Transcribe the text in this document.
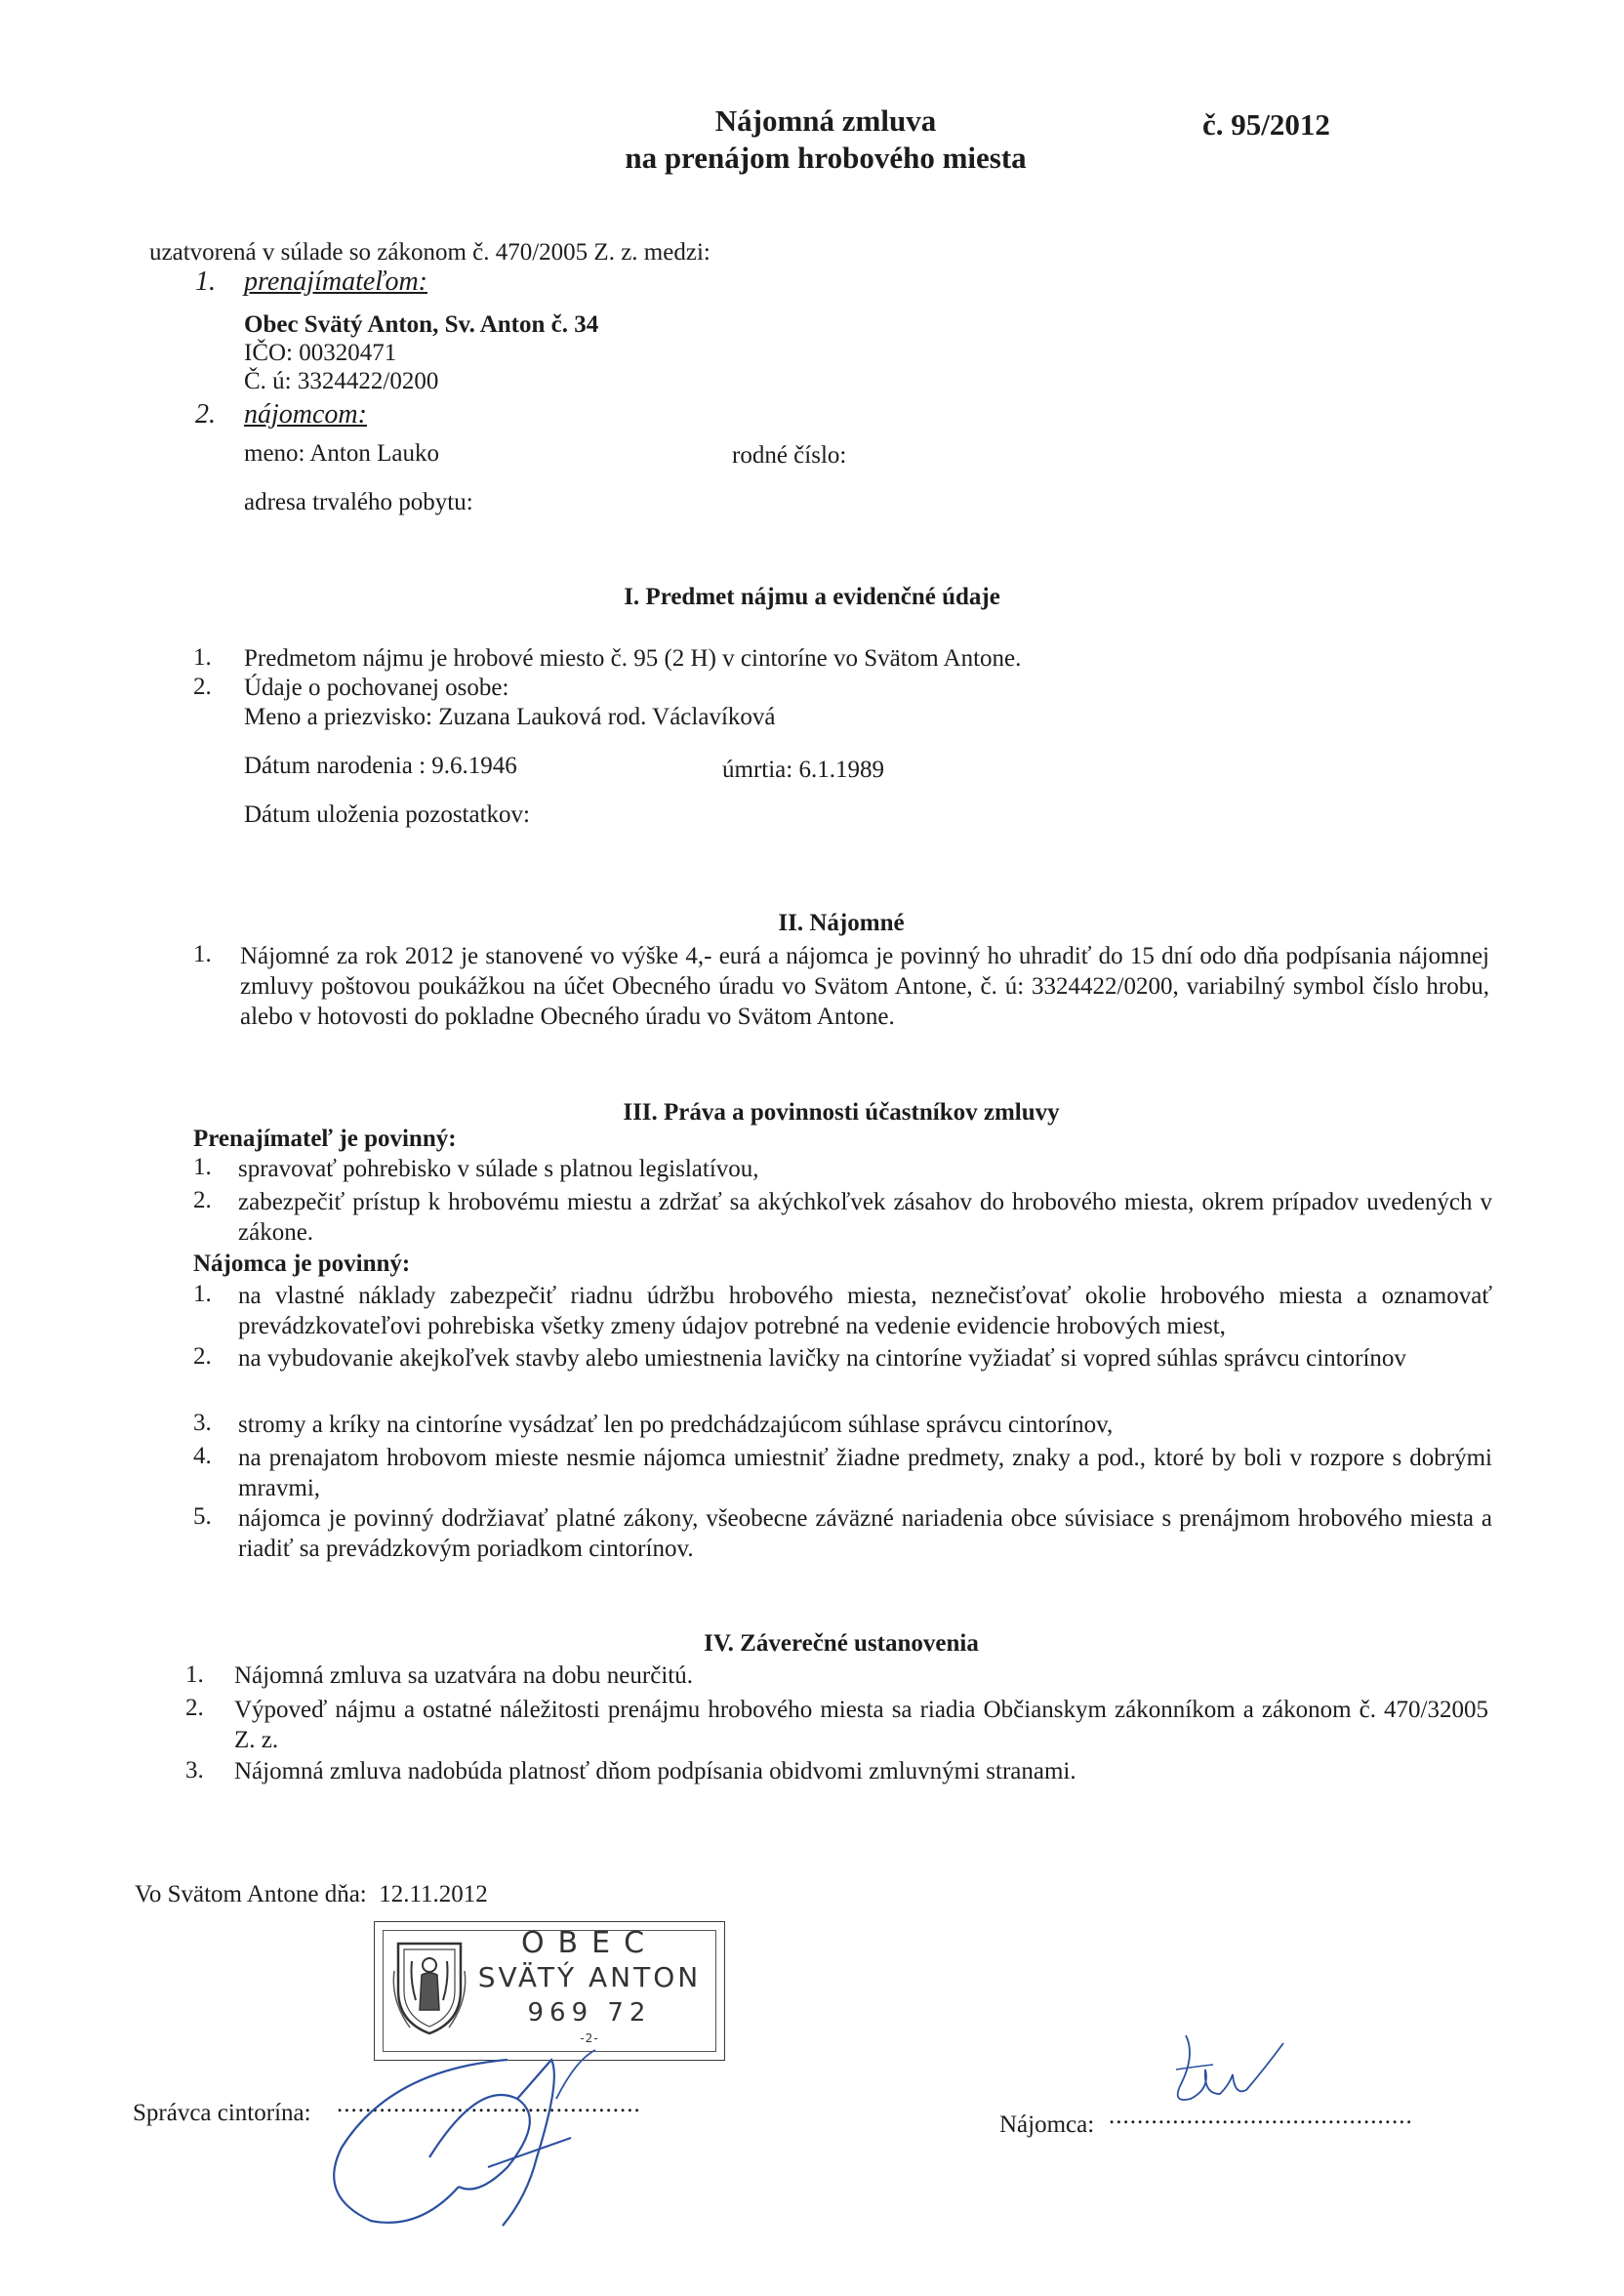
Nájomná zmluva
na prenájom hrobového miesta
č. 95/2012
uzatvorená v súlade so zákonom č. 470/2005 Z. z. medzi:
1. prenajímateľom:
Obec Svätý Anton, Sv. Anton č. 34
IČO: 00320471
Č. ú: 3324422/0200
2. nájomcom:
meno: Anton Lauko	rodné číslo:
adresa trvalého pobytu:
I. Predmet nájmu a evidenčné údaje
1. Predmetom nájmu je hrobové miesto č. 95 (2 H) v cintoríne vo Svätom Antone.
2. Údaje o pochovanej osobe:
Meno a priezvisko: Zuzana Lauková rod. Václavíková
Dátum narodenia : 9.6.1946	úmrtia: 6.1.1989
Dátum uloženia pozostatkov:
II. Nájomné
1. Nájomné za rok 2012 je stanovené vo výške 4,- eurá a nájomca je povinný ho uhradiť do 15 dní odo dňa podpísania nájomnej zmluvy poštovou poukážkou na účet Obecného úradu vo Svätom Antone, č. ú: 3324422/0200, variabilný symbol číslo hrobu, alebo v hotovosti do pokladne Obecného úradu vo Svätom Antone.
III. Práva a povinnosti účastníkov zmluvy
Prenajímateľ je povinný:
1. spravovať pohrebisko v súlade s platnou legislatívou,
2. zabezpečiť prístup k hrobovému miestu a zdržať sa akýchkoľvek zásahov do hrobového miesta, okrem prípadov uvedených v zákone.
Nájomca je povinný:
1. na vlastné náklady zabezpečiť riadnu údržbu hrobového miesta, neznečisťovať okolie hrobového miesta a oznamovať prevádzkovateľovi pohrebiska všetky zmeny údajov potrebné na vedenie evidencie hrobových miest,
2. na vybudovanie akejkoľvek stavby alebo umiestnenia lavičky na cintoríne vyžiadať si vopred súhlas správcu cintorínov
3. stromy a kríky na cintoríne vysádzať len po predchádzajúcom súhlase správcu cintorínov,
4. na prenajatom hrobovom mieste nesmie nájomca umiestniť žiadne predmety, znaky a pod., ktoré by boli v rozpore s dobrými mravmi,
5. nájomca je povinný dodržiavať platné zákony, všeobecne záväzné nariadenia obce súvisiace s prenájmom hrobového miesta a riadiť sa prevádzkovým poriadkom cintorínov.
IV. Záverečné ustanovenia
1. Nájomná zmluva sa uzatvára na dobu neurčitú.
2. Výpoveď nájmu a ostatné náležitosti prenájmu hrobového miesta sa riadia Občianskym zákonníkom a zákonom č. 470/32005 Z. z.
3. Nájomná zmluva nadobúda platnosť dňom podpísania obidvomi zmluvnými stranami.
Vo Svätom Antone dňa:  12.11.2012
OBEC
SVÄTÝ ANTON
969 72
-2-
Správca cintorína: ...........................................
Nájomca: ...........................................
